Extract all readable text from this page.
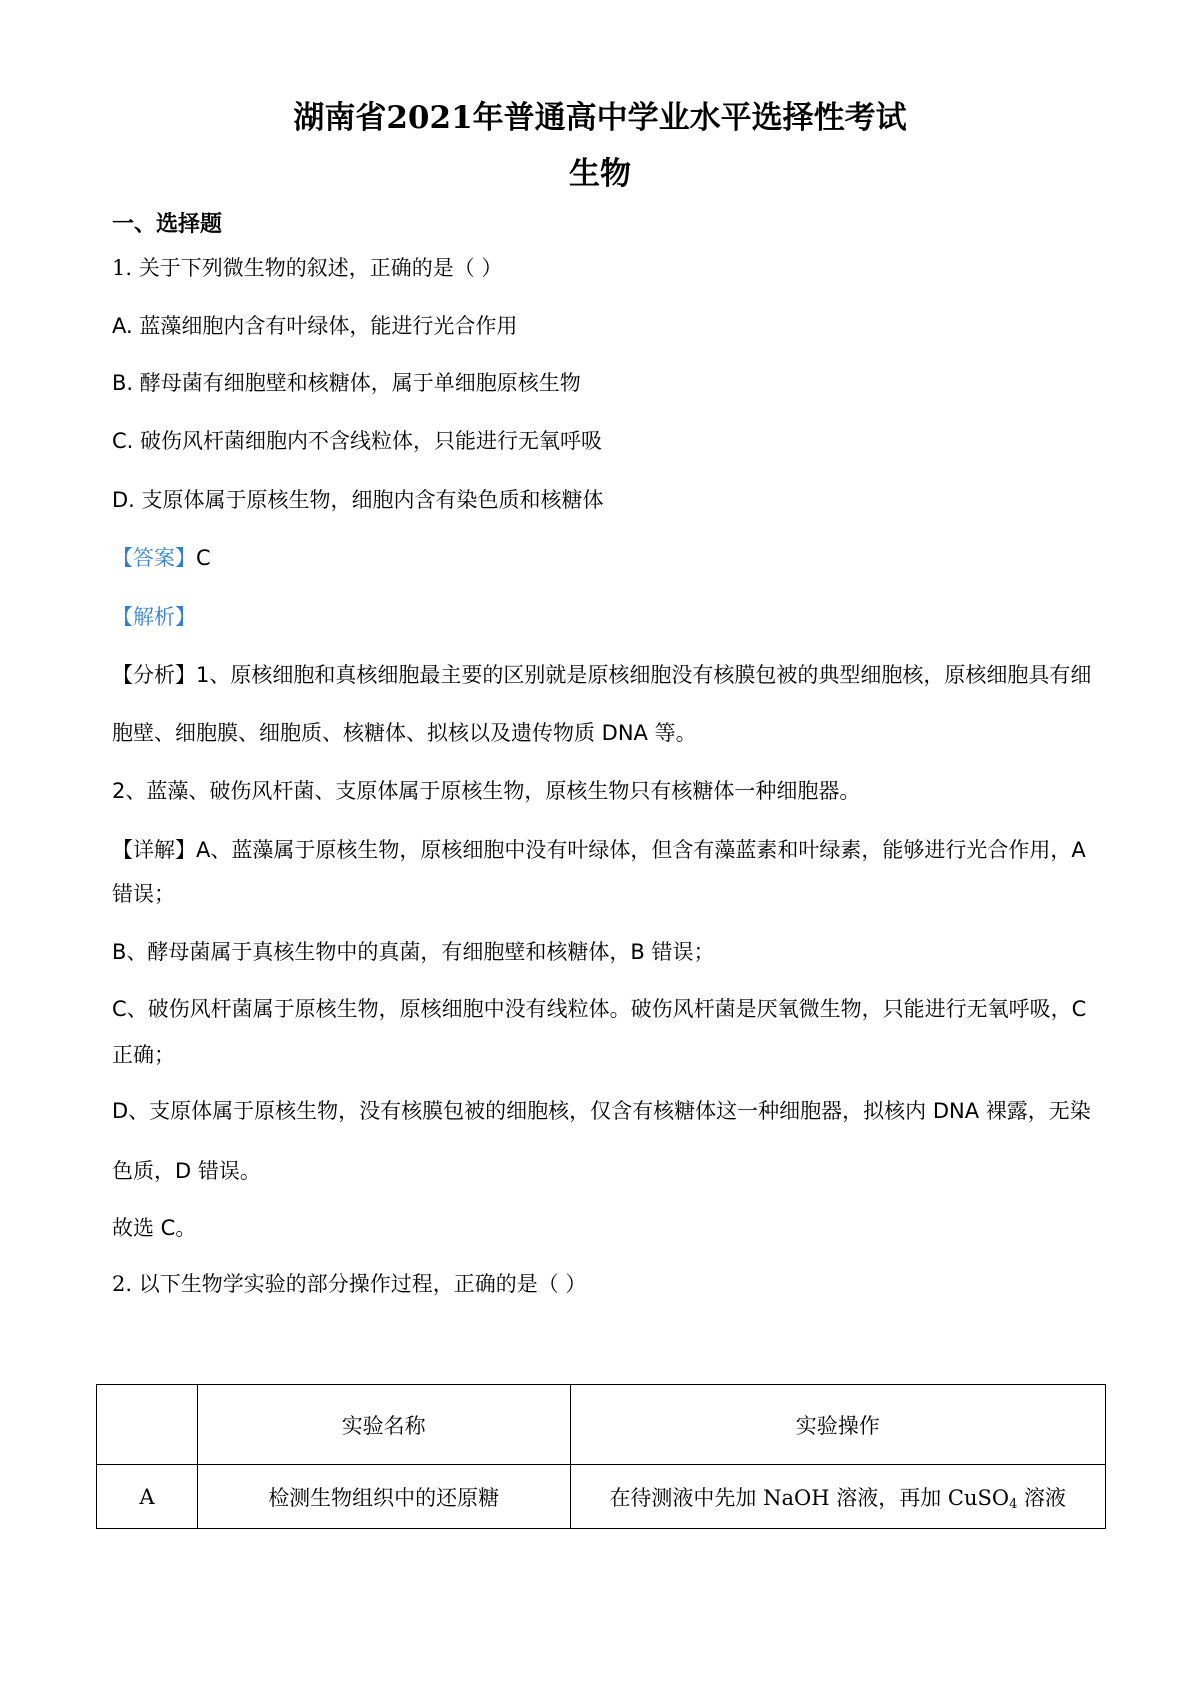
湖南省2021年普通高中学业水平选择性考试
生物
一、选择题
1. 关于下列微生物的叙述，正确的是（ ）
A. 蓝藻细胞内含有叶绿体，能进行光合作用
B. 酵母菌有细胞壁和核糖体，属于单细胞原核生物
C. 破伤风杆菌细胞内不含线粒体，只能进行无氧呼吸
D. 支原体属于原核生物，细胞内含有染色质和核糖体
【答案】C
【解析】
【分析】1、原核细胞和真核细胞最主要的区别就是原核细胞没有核膜包被的典型细胞核，原核细胞具有细
胞壁、细胞膜、细胞质、核糖体、拟核以及遗传物质 DNA 等。
2、蓝藻、破伤风杆菌、支原体属于原核生物，原核生物只有核糖体一种细胞器。
【详解】A、蓝藻属于原核生物，原核细胞中没有叶绿体，但含有藻蓝素和叶绿素，能够进行光合作用，A
错误；
B、酵母菌属于真核生物中的真菌，有细胞壁和核糖体，B 错误；
C、破伤风杆菌属于原核生物，原核细胞中没有线粒体。破伤风杆菌是厌氧微生物，只能进行无氧呼吸，C
正确；
D、支原体属于原核生物，没有核膜包被的细胞核，仅含有核糖体这一种细胞器，拟核内 DNA 裸露，无染
色质，D 错误。
故选 C。
2. 以下生物学实验的部分操作过程，正确的是（ ）
	实验名称	实验操作
A	检测生物组织中的还原糖	在待测液中先加 NaOH 溶液，再加 CuSO$_4$ 溶液
